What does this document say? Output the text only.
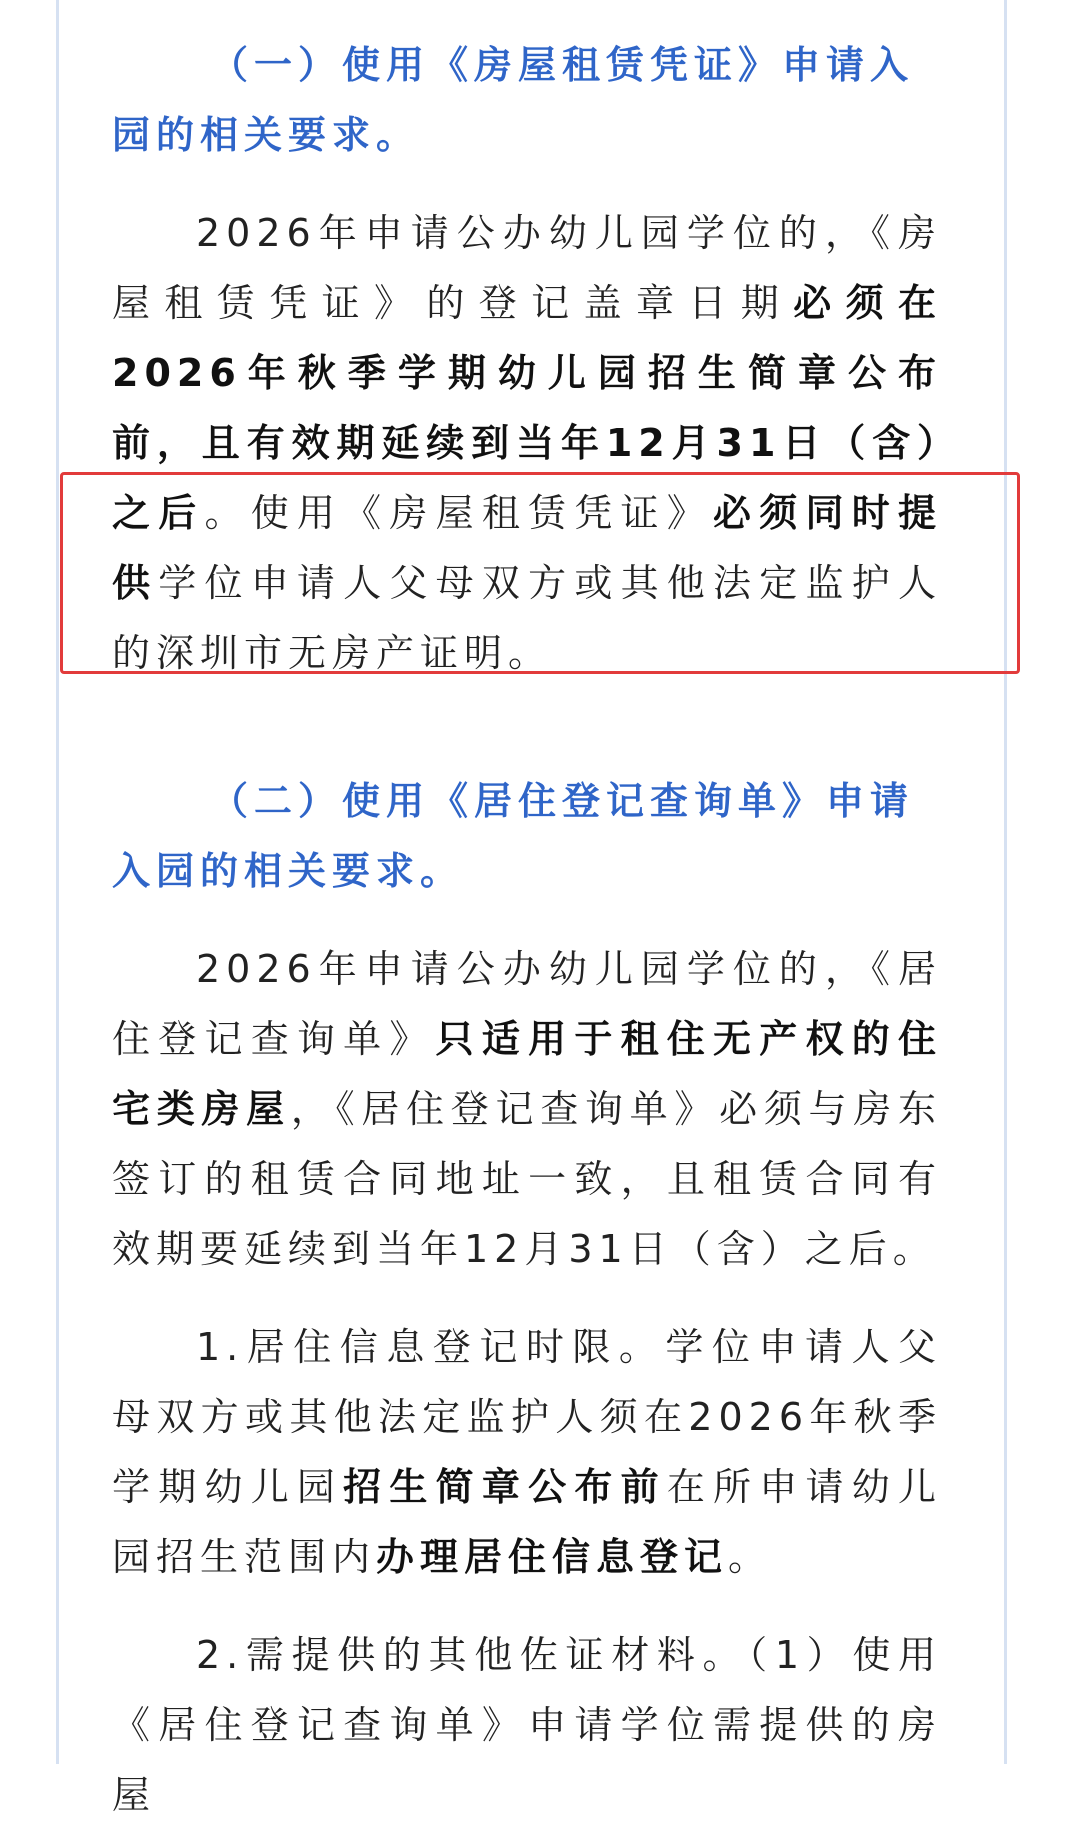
（一）使用《房屋租赁凭证》申请入园的相关要求。

2026年申请公办幼儿园学位的，《房屋租赁凭证》的登记盖章日期必须在2026年秋季学期幼儿园招生简章公布前，且有效期延续到当年12月31日（含）之后。使用《房屋租赁凭证》必须同时提供学位申请人父母双方或其他法定监护人的深圳市无房产证明。

（二）使用《居住登记查询单》申请入园的相关要求。

2026年申请公办幼儿园学位的，《居住登记查询单》只适用于租住无产权的住宅类房屋，《居住登记查询单》必须与房东签订的租赁合同地址一致，且租赁合同有效期要延续到当年12月31日（含）之后。

1.居住信息登记时限。学位申请人父母双方或其他法定监护人须在2026年秋季学期幼儿园招生简章公布前在所申请幼儿园招生范围内办理居住信息登记。

2.需提供的其他佐证材料。（1）使用《居住登记查询单》申请学位需提供的房屋
